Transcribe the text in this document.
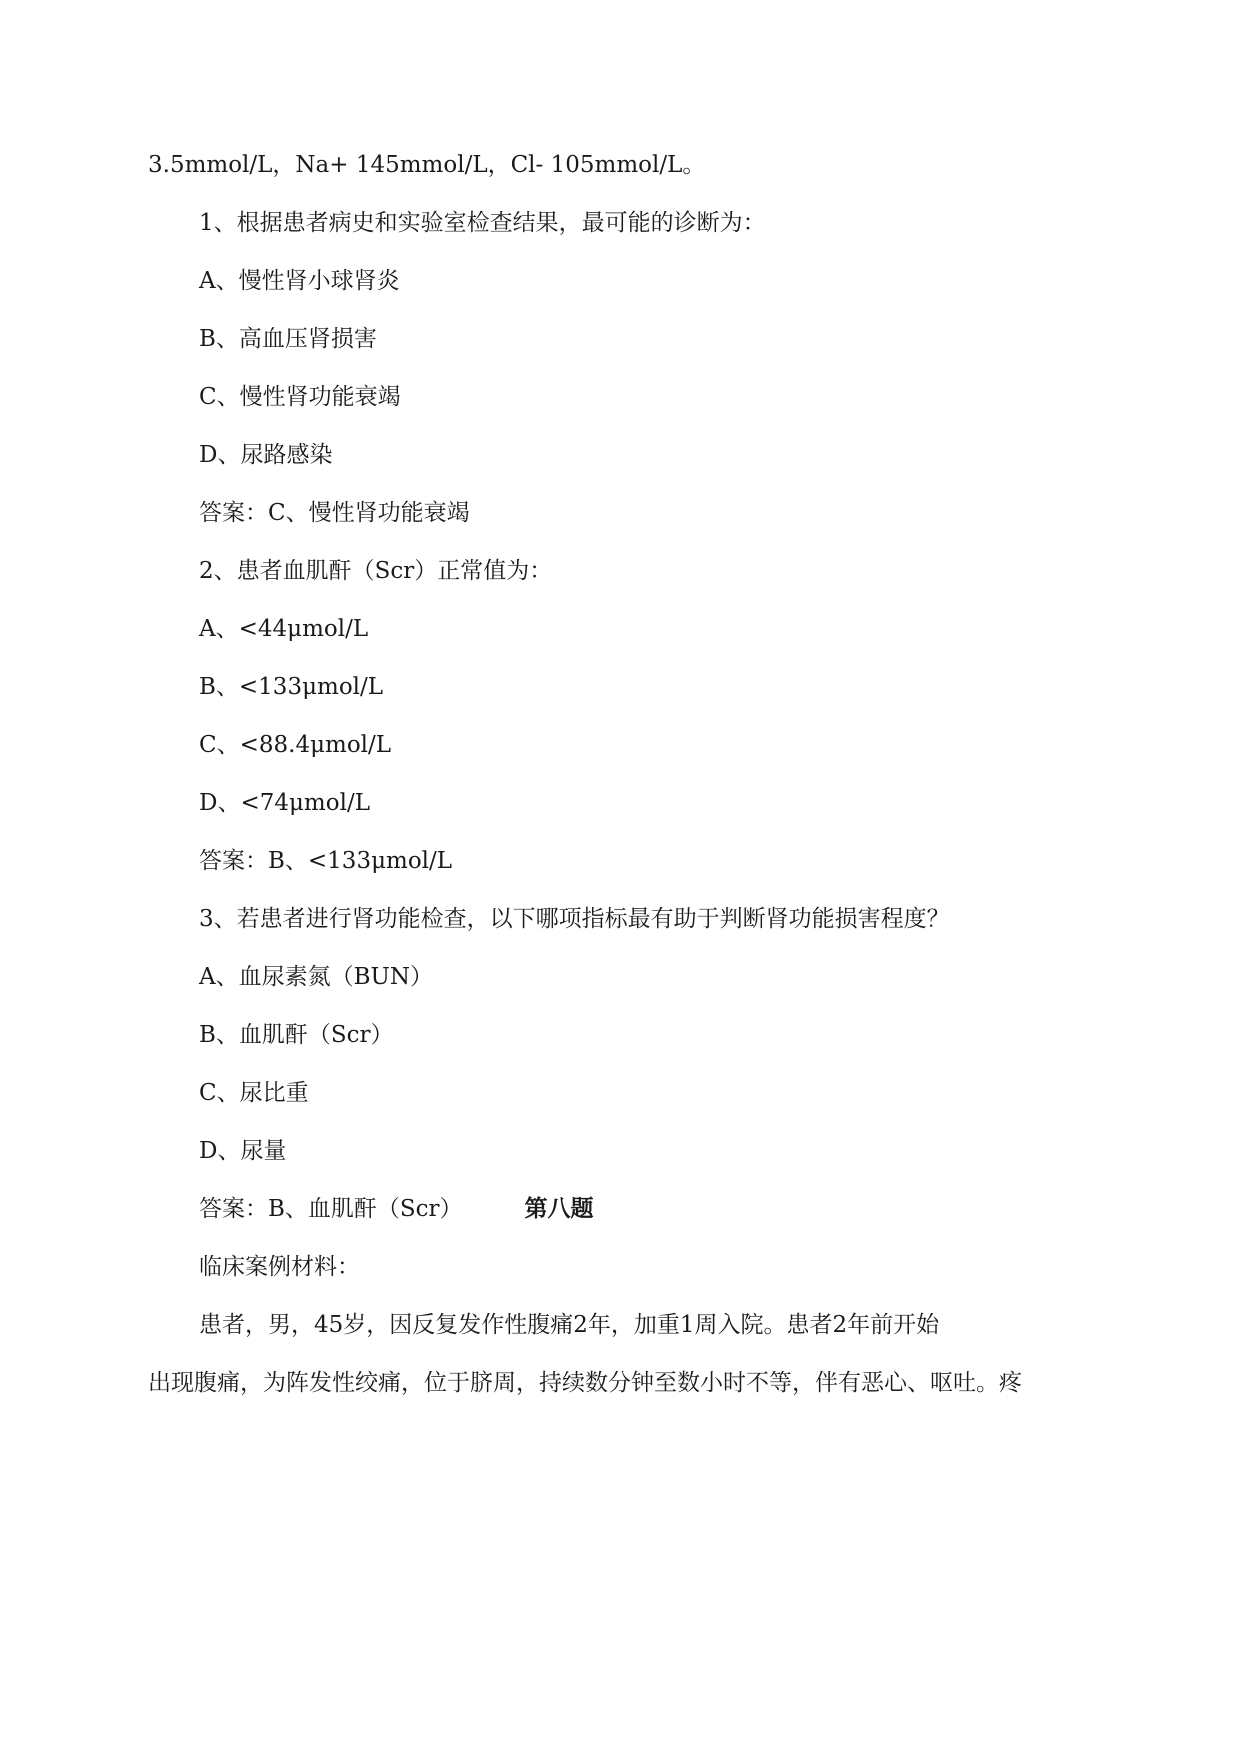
3.5mmol/L，Na+ 145mmol/L，Cl- 105mmol/L。
1、根据患者病史和实验室检查结果，最可能的诊断为：
A、慢性肾小球肾炎
B、高血压肾损害
C、慢性肾功能衰竭
D、尿路感染
答案：C、慢性肾功能衰竭
2、患者血肌酐（Scr）正常值为：
A、<44μmol/L
B、<133μmol/L
C、<88.4μmol/L
D、<74μmol/L
答案：B、<133μmol/L
3、若患者进行肾功能检查，以下哪项指标最有助于判断肾功能损害程度？
A、血尿素氮（BUN）
B、血肌酐（Scr）
C、尿比重
D、尿量
答案：B、血肌酐（Scr）	第八题
临床案例材料：
患者，男，45岁，因反复发作性腹痛2年，加重1周入院。患者2年前开始
出现腹痛，为阵发性绞痛，位于脐周，持续数分钟至数小时不等，伴有恶心、呕吐。疼
